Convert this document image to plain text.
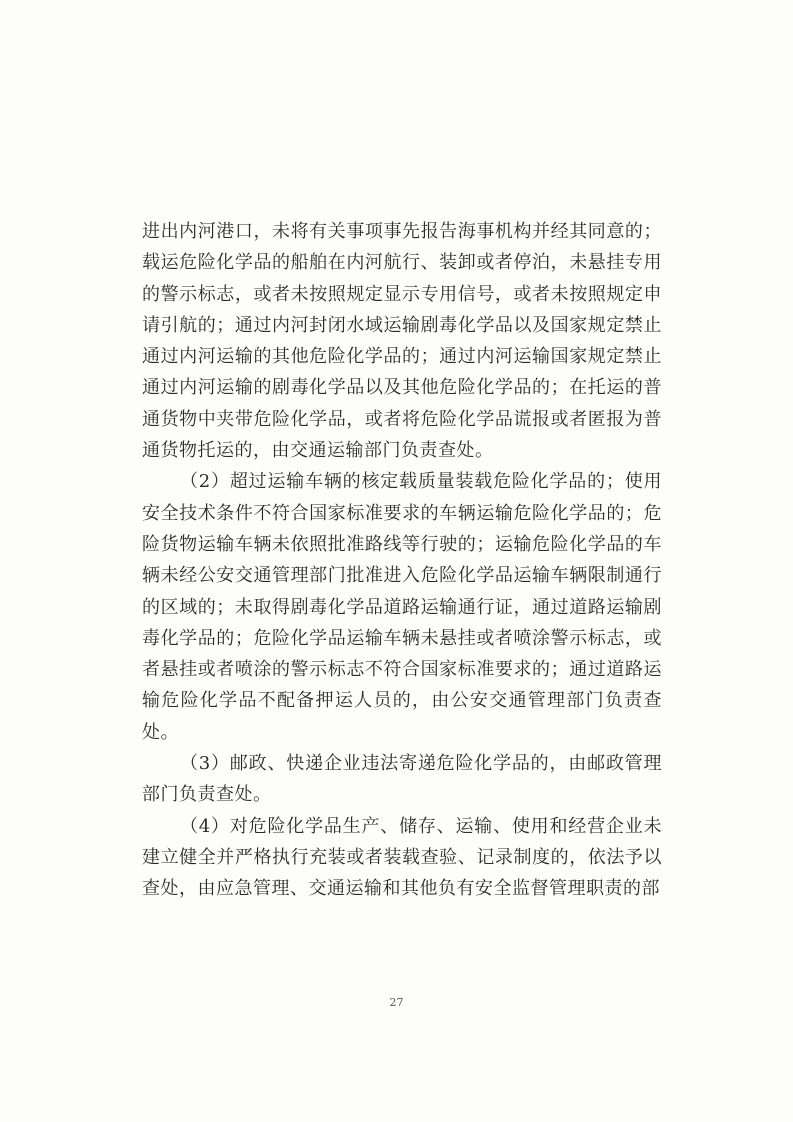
进出内河港口，未将有关事项事先报告海事机构并经其同意的；载运危险化学品的船舶在内河航行、装卸或者停泊，未悬挂专用的警示标志，或者未按照规定显示专用信号，或者未按照规定申请引航的；通过内河封闭水域运输剧毒化学品以及国家规定禁止通过内河运输的其他危险化学品的；通过内河运输国家规定禁止通过内河运输的剧毒化学品以及其他危险化学品的；在托运的普通货物中夹带危险化学品，或者将危险化学品谎报或者匿报为普通货物托运的，由交通运输部门负责查处。

（2）超过运输车辆的核定载质量装载危险化学品的；使用安全技术条件不符合国家标准要求的车辆运输危险化学品的；危险货物运输车辆未依照批准路线等行驶的；运输危险化学品的车辆未经公安交通管理部门批准进入危险化学品运输车辆限制通行的区域的；未取得剧毒化学品道路运输通行证，通过道路运输剧毒化学品的；危险化学品运输车辆未悬挂或者喷涂警示标志，或者悬挂或者喷涂的警示标志不符合国家标准要求的；通过道路运输危险化学品不配备押运人员的，由公安交通管理部门负责查处。

（3）邮政、快递企业违法寄递危险化学品的，由邮政管理部门负责查处。

（4）对危险化学品生产、储存、运输、使用和经营企业未建立健全并严格执行充装或者装载查验、记录制度的，依法予以查处，由应急管理、交通运输和其他负有安全监督管理职责的部

27
